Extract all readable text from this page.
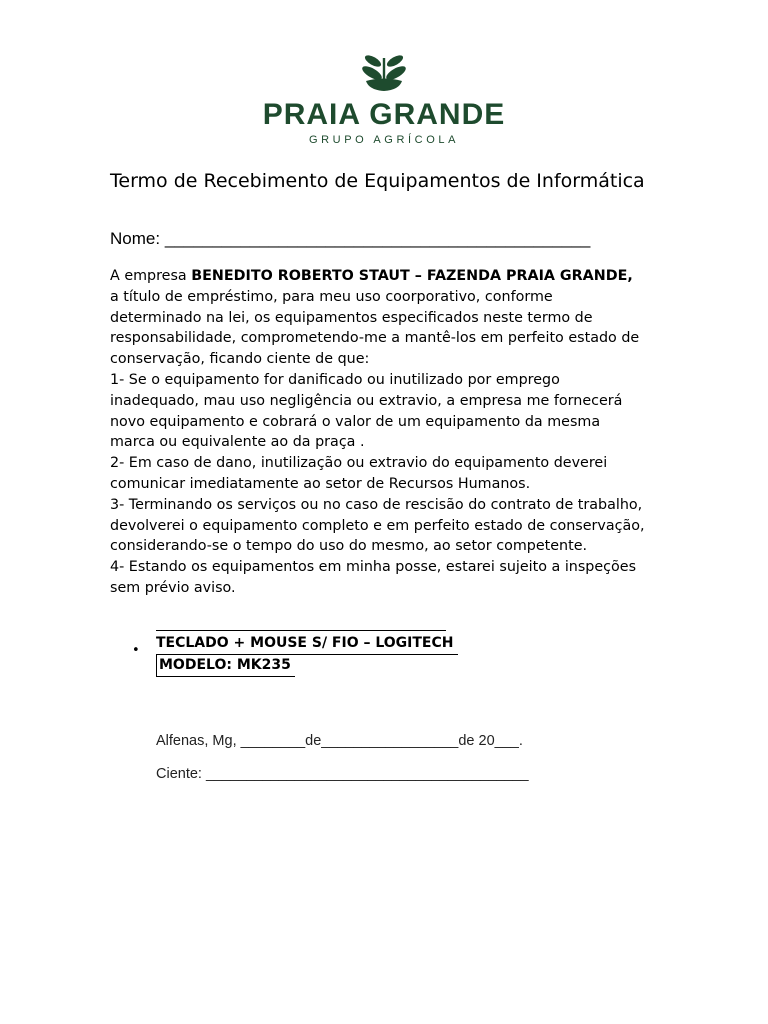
PRAIA GRANDE
GRUPO AGRÍCOLA
Termo de Recebimento de Equipamentos de Informática
Nome: _____________________________________________

A empresa BENEDITO ROBERTO STAUT – FAZENDA PRAIA GRANDE,

a título de empréstimo, para meu uso coorporativo, conforme

determinado na lei, os equipamentos especificados neste termo de

responsabilidade, comprometendo-me a mantê-los em perfeito estado de

conservação, ficando ciente de que:

1- Se o equipamento for danificado ou inutilizado por emprego

inadequado, mau uso negligência ou extravio, a empresa me fornecerá

novo equipamento e cobrará o valor de um equipamento da mesma

marca ou equivalente ao da praça .

2- Em caso de dano, inutilização ou extravio do equipamento deverei

comunicar imediatamente ao setor de Recursos Humanos.

3- Terminando os serviços ou no caso de rescisão do contrato de trabalho,

devolverei o equipamento completo e em perfeito estado de conservação,

considerando-se o tempo do uso do mesmo, ao setor competente.

4- Estando os equipamentos em minha posse, estarei sujeito a inspeções

sem prévio aviso.

• TECLADO + MOUSE S/ FIO – LOGITECH
MODELO: MK235
Alfenas, Mg, ________de_________________de 20___.
Ciente: ________________________________________
